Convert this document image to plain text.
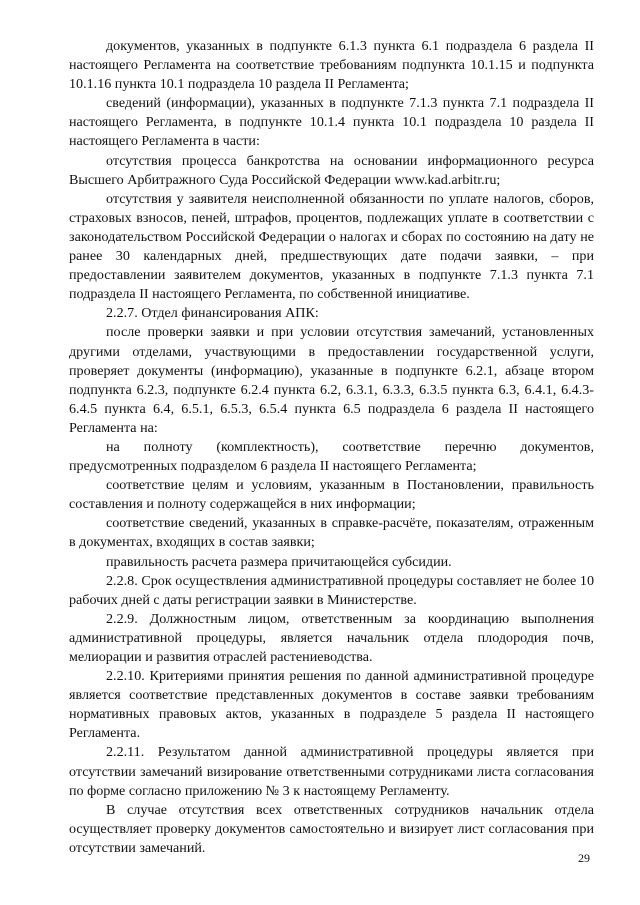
документов, указанных в подпункте 6.1.3 пункта 6.1 подраздела 6 раздела II настоящего Регламента на соответствие требованиям подпункта 10.1.15 и подпункта 10.1.16 пункта 10.1 подраздела 10 раздела II Регламента;

сведений (информации), указанных в подпункте 7.1.3 пункта 7.1 подраздела II настоящего Регламента, в подпункте 10.1.4 пункта 10.1 подраздела 10 раздела II настоящего Регламента в части:

отсутствия процесса банкротства на основании информационного ресурса Высшего Арбитражного Суда Российской Федерации www.kad.arbitr.ru;

отсутствия у заявителя неисполненной обязанности по уплате налогов, сборов, страховых взносов, пеней, штрафов, процентов, подлежащих уплате в соответствии с законодательством Российской Федерации о налогах и сборах по состоянию на дату не ранее 30 календарных дней, предшествующих дате подачи заявки, – при предоставлении заявителем документов, указанных в подпункте 7.1.3 пункта 7.1 подраздела II настоящего Регламента, по собственной инициативе.

2.2.7. Отдел финансирования АПК:

после проверки заявки и при условии отсутствия замечаний, установленных другими отделами, участвующими в предоставлении государственной услуги, проверяет документы (информацию), указанные в подпункте 6.2.1, абзаце втором подпункта 6.2.3, подпункте 6.2.4 пункта 6.2, 6.3.1, 6.3.3, 6.3.5 пункта 6.3, 6.4.1, 6.4.3-6.4.5 пункта 6.4, 6.5.1, 6.5.3, 6.5.4 пункта 6.5 подраздела 6 раздела II настоящего Регламента на:

на полноту (комплектность), соответствие перечню документов, предусмотренных подразделом 6 раздела II настоящего Регламента;

соответствие целям и условиям, указанным в Постановлении, правильность составления и полноту содержащейся в них информации;

соответствие сведений, указанных в справке-расчёте, показателям, отраженным в документах, входящих в состав заявки;

правильность расчета размера причитающейся субсидии.

2.2.8. Срок осуществления административной процедуры составляет не более 10 рабочих дней с даты регистрации заявки в Министерстве.

2.2.9. Должностным лицом, ответственным за координацию выполнения административной процедуры, является начальник отдела плодородия почв, мелиорации и развития отраслей растениеводства.

2.2.10. Критериями принятия решения по данной административной процедуре является соответствие представленных документов в составе заявки требованиям нормативных правовых актов, указанных в подразделе 5 раздела II настоящего Регламента.

2.2.11. Результатом данной административной процедуры является при отсутствии замечаний визирование ответственными сотрудниками листа согласования по форме согласно приложению № 3 к настоящему Регламенту.

В случае отсутствия всех ответственных сотрудников начальник отдела осуществляет проверку документов самостоятельно и визирует лист согласования при отсутствии замечаний.

29
